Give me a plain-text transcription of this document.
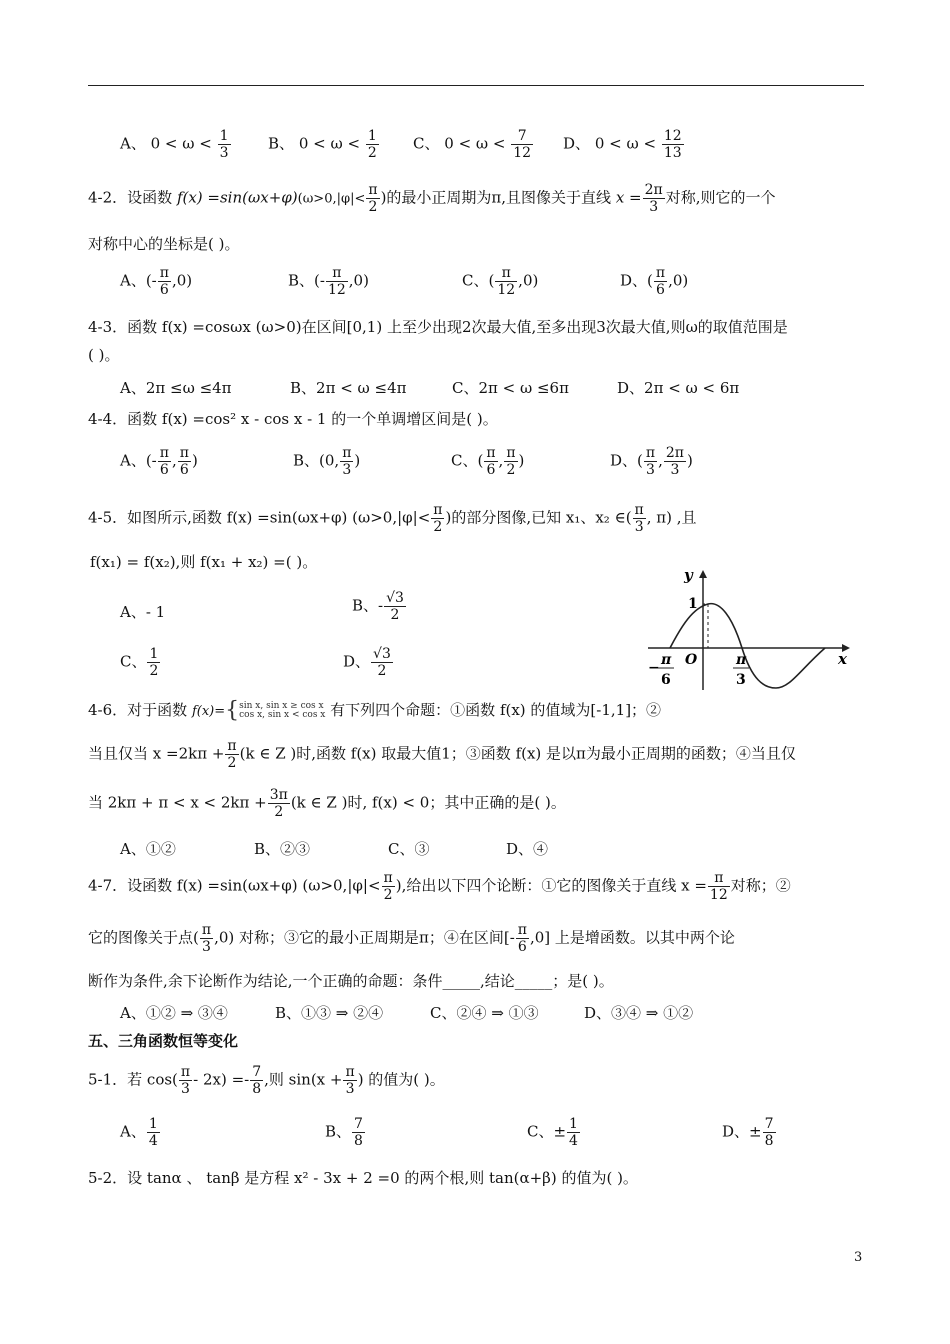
A、 $0 < \omega < \frac{1}{3}$ B、 $0 < \omega < \frac{1}{2}$ C、 $0 < \omega < \frac{7}{12}$ D、 $0 < \omega < \frac{12}{13}$
4-2．设函数 $f(x) =\sin(\omega x+\varphi)(\omega>0,|\varphi|< \frac{\pi}{2}$ )的最小正周期为π,且图像关于直线 $x = \frac{2\pi}{3}$ 对称,则它的一个
对称中心的坐标是( )。
A、(- $\frac{\pi}{6} ,0$)	B、(- $\frac{\pi}{12} ,0$)	C、( $\frac{\pi}{12} ,0$)	D、( $\frac{\pi}{6} ,0$)
4-3．函数 f(x) =cosωx (ω>0)在区间[0,1) 上至少出现2次最大值,至多出现3次最大值,则ω的取值范围是
( )。
A、2π ≤ω ≤4π	B、2π < ω ≤4π	C、2π < ω ≤6π	D、2π < ω < 6π
4-4．函数 f(x) =cos² x - cos x - 1 的一个单调增区间是( )。
A、(- $\frac{\pi}{6}$ , $\frac{\pi}{6}$ )	B、(0, $\frac{\pi}{3}$ )	C、( $\frac{\pi}{6}$ , $\frac{\pi}{2}$ )	D、( $\frac{\pi}{3}$ , $\frac{2\pi}{3}$ )
4-5．如图所示,函数 f(x) =sin(ωx+φ) ($\omega>0,|\varphi|< \frac{\pi}{2}$ )的部分图像,已知 x₁、x₂ ∈( $\frac{\pi}{3}$ , π) ,且
f(x₁) = f(x₂),则 f(x₁ + x₂) =( )。
A、- 1	B、- $\frac{√3}{2}$
C、 $\frac{1}{2}$	D、 $\frac{√3}{2}$
y
x
1
O
− π
6
π
3
4-6．对于函数 f(x)={ sin x, sin x ≥ cos x
cos x, sin x < cos x 有下列四个命题：①函数 f(x) 的值域为[-1,1]；②
当且仅当 $x =2k\pi + \frac{\pi}{2} (k$ ∈ Z )时,函数 f(x) 取最大值1；③函数 f(x) 是以π为最小正周期的函数；④当且仅
当 $2k\pi + \pi < x < 2k\pi + \frac{3\pi}{2} (k$ ∈ Z )时, f(x) < 0；其中正确的是( )。
A、①②	B、②③	C、③	D、④
4-7．设函数 f(x) =sin(ωx+φ) ($\omega>0,|\varphi|< \frac{\pi}{2}$ ),给出以下四个论断：①它的图像关于直线 $x = \frac{\pi}{12}$ 对称；②
它的图像关于点( $\frac{\pi}{3} ,0$) 对称；③它的最小正周期是π；④在区间[- $\frac{\pi}{6} ,0$] 上是增函数。以其中两个论
断作为条件,余下论断作为结论,一个正确的命题：条件_____,结论_____；是( )。
A、①② ⇒ ③④	B、①③ ⇒ ②④	C、②④ ⇒ ①③	D、③④ ⇒ ①②
五、三角函数恒等变化
5-1．若 $\cos( \frac{\pi}{3} - 2x) =- \frac{7}{8}$ ,则 $\sin(x + \frac{\pi}{3}$ ) 的值为( )。
A、 $\frac{1}{4}$	B、 $\frac{7}{8}$	C、± $\frac{1}{4}$	D、± $\frac{7}{8}$
5-2．设 tanα 、 tanβ 是方程 x² - 3x + 2 =0 的两个根,则 tan(α+β) 的值为( )。
3
